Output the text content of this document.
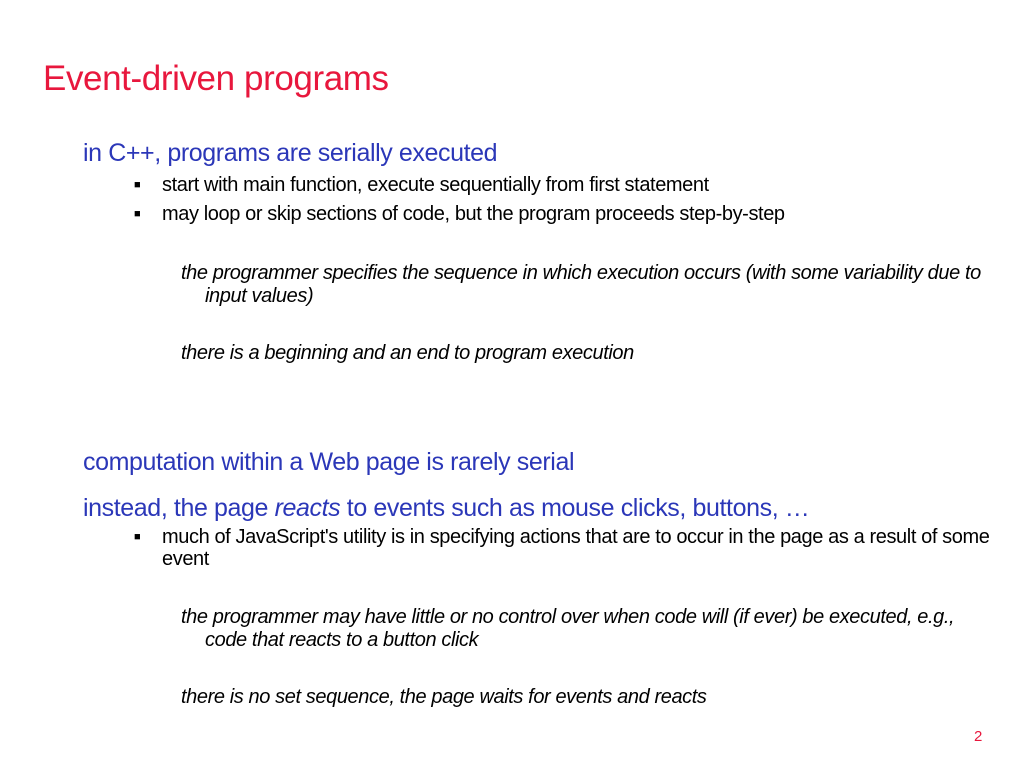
Event-driven programs
in C++, programs are serially executed
■ start with main function, execute sequentially from first statement
■ may loop or skip sections of code, but the program proceeds step-by-step
the programmer specifies the sequence in which execution occurs (with some variability due to input values)
there is a beginning and an end to program execution
computation within a Web page is rarely serial
instead, the page reacts to events such as mouse clicks, buttons, …
■ much of JavaScript's utility is in specifying actions that are to occur in the page as a result of some event
the programmer may have little or no control over when code will (if ever) be executed, e.g., code that reacts to a button click
there is no set sequence, the page waits for events and reacts
2
